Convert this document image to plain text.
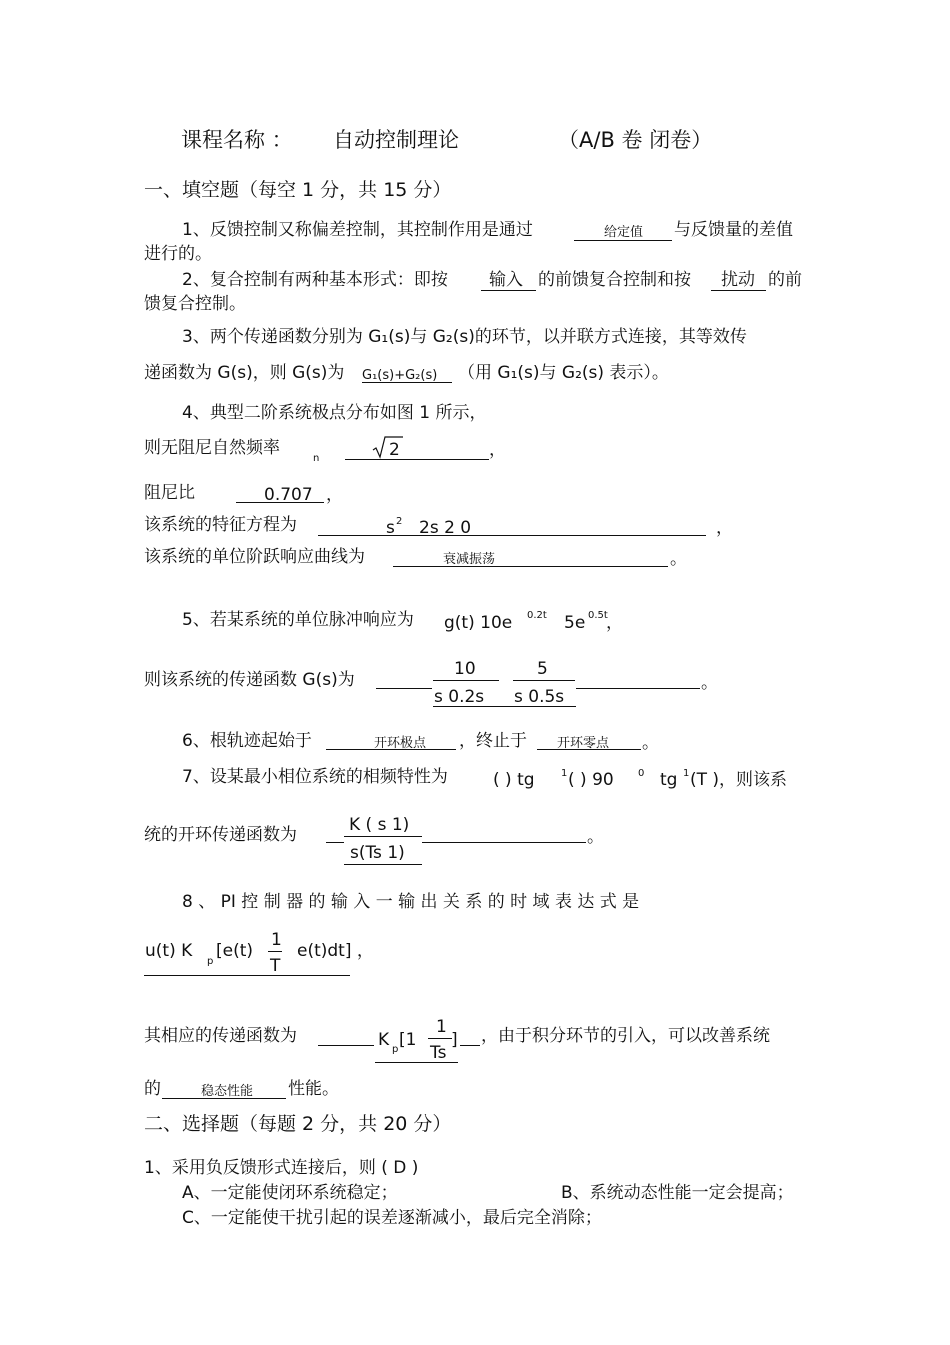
课程名称 ： 自动控制理论	（A/B 卷 闭卷）
一、填空题（每空 1 分，共 15 分）
1、反馈控制又称偏差控制，其控制作用是通过	给定值 与反馈量的差值
进行的。
2、复合控制有两种基本形式：即按 输入 的前馈复合控制和按 扰动 的前
馈复合控制。
3、两个传递函数分别为 G₁(s)与 G₂(s)的环节，以并联方式连接，其等效传
递函数为 G(s)，则 G(s)为 G₁(s)+G₂(s) （用 G₁(s)与 G₂(s) 表示）。
4、典型二阶系统极点分布如图 1 所示，
则无阻尼自然频率
n	2	，
阻尼比	0.707 ，
该系统的特征方程为	s 2 2s 2 0	，
该系统的单位阶跃响应曲线为	衰减振荡	。
5、若某系统的单位脉冲响应为 g(t) 10e 0.2t 5e 0.5t
，
则该系统的传递函数 G(s)为
10
s 0.2s
5
s 0.5s
。
6、根轨迹起始于	开环极点 ，终止于 开环零点 。
7、设某最小相位系统的相频特性为	( ) tg	1 ( ) 90 0 tg 1 (T )，则该系
统的开环传递函数为	K ( s 1)
s(Ts 1)
。
8 、 PI 控 制 器 的 输 入 一 输 出 关 系 的 时 域 表 达 式 是
u(t) K
p
[e(t)
1
T
e(t)dt] ，
其相应的传递函数为	K p [1
1
Ts
] ，由于积分环节的引入，可以改善系统
的	稳态性能 性能。
二、选择题（每题 2 分，共 20 分）
1、采用负反馈形式连接后，则 ( D )
A、一定能使闭环系统稳定；	B、系统动态性能一定会提高；
C、一定能使干扰引起的误差逐渐减小，最后完全消除；
